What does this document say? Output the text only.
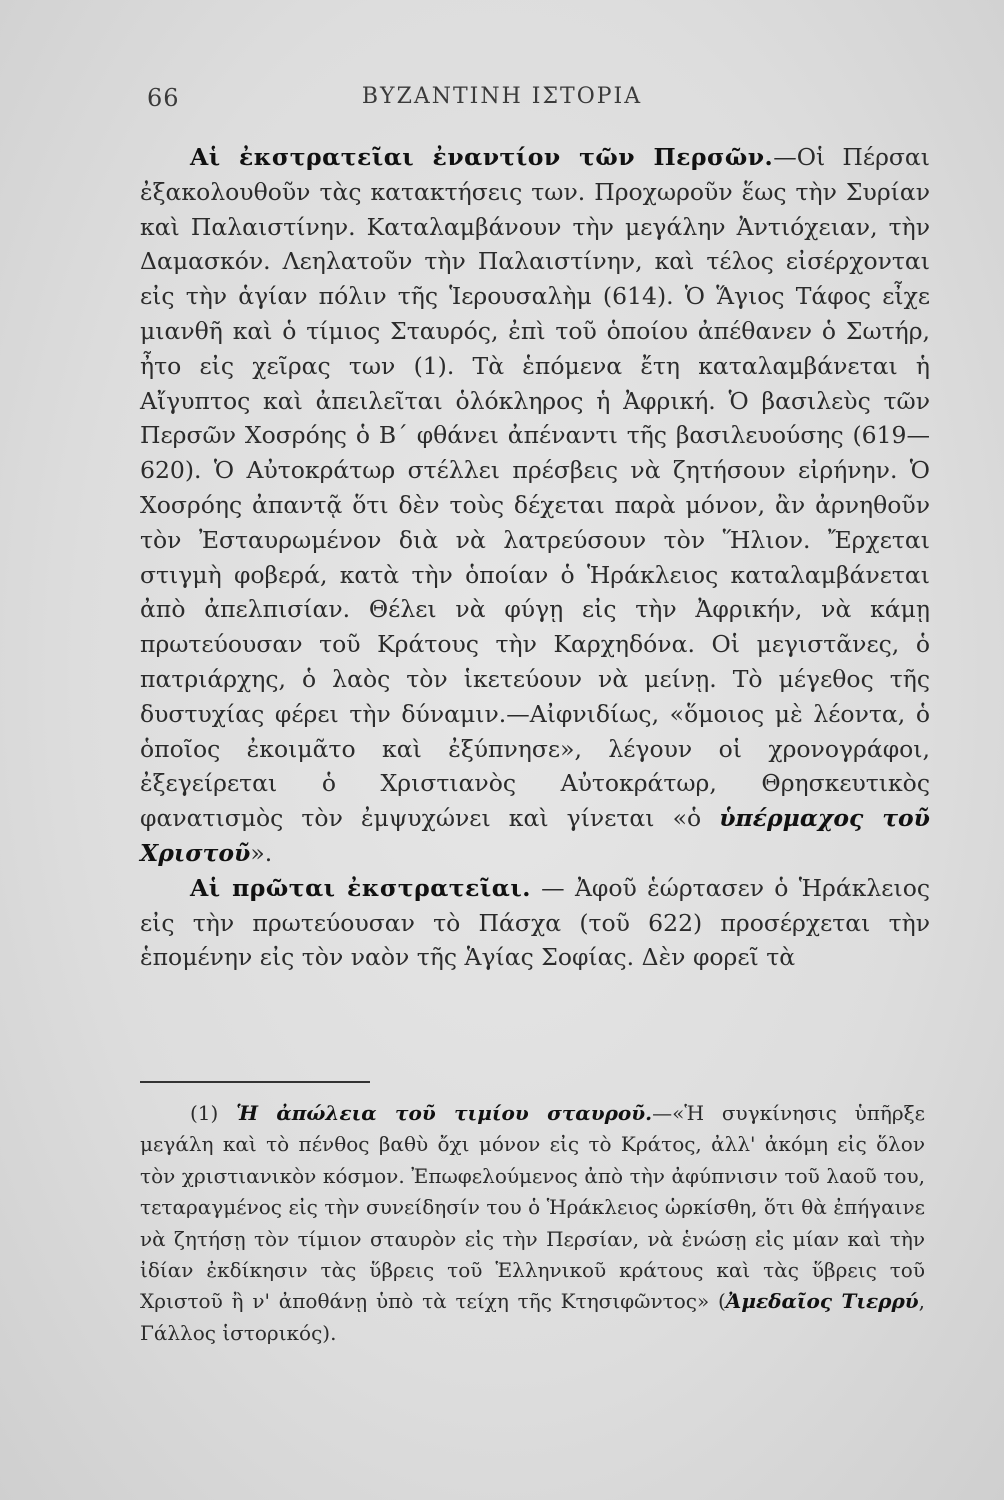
66	ΒΥΖΑΝΤΙΝΗ ΙΣΤΟΡΙΑ

Αἱ ἐκστρατεῖαι ἐναντίον τῶν Περσῶν.—Οἱ Πέρσαι ἐξακολουθοῦν τὰς κατακτήσεις των. Προχωροῦν ἕως τὴν Συρίαν καὶ Παλαιστίνην. Καταλαμβάνουν τὴν μεγάλην Ἀντιόχειαν, τὴν Δαμασκόν. Λεηλατοῦν τὴν Παλαιστίνην, καὶ τέλος εἰσέρχονται εἰς τὴν ἁγίαν πόλιν τῆς Ἱερουσαλὴμ (614). Ὁ Ἅγιος Τάφος εἶχε μιανθῆ καὶ ὁ τίμιος Σταυρός, ἐπὶ τοῦ ὁποίου ἀπέθανεν ὁ Σωτήρ, ἦτο εἰς χεῖρας των (1). Τὰ ἑπόμενα ἔτη καταλαμβάνεται ἡ Αἴγυπτος καὶ ἀπειλεῖται ὁλόκληρος ἡ Ἀφρική. Ὁ βασιλεὺς τῶν Περσῶν Χοσρόης ὁ Β΄ φθάνει ἀπέναντι τῆς βασιλευούσης (619—620). Ὁ Αὐτοκράτωρ στέλλει πρέσβεις νὰ ζητήσουν εἰρήνην. Ὁ Χοσρόης ἀπαντᾷ ὅτι δὲν τοὺς δέχεται παρὰ μόνον, ἂν ἀρνηθοῦν τὸν Ἐσταυρωμένον διὰ νὰ λατρεύσουν τὸν Ἥλιον. Ἔρχεται στιγμὴ φοβερά, κατὰ τὴν ὁποίαν ὁ Ἡράκλειος καταλαμβάνεται ἀπὸ ἀπελπισίαν. Θέλει νὰ φύγῃ εἰς τὴν Ἀφρικήν, νὰ κάμῃ πρωτεύουσαν τοῦ Κράτους τὴν Καρχηδόνα. Οἱ μεγιστᾶνες, ὁ πατριάρχης, ὁ λαὸς τὸν ἱκετεύουν νὰ μείνῃ. Τὸ μέγεθος τῆς δυστυχίας φέρει τὴν δύναμιν.—Αἰφνιδίως, «ὅμοιος μὲ λέοντα, ὁ ὁποῖος ἐκοιμᾶτο καὶ ἐξύπνησε», λέγουν οἱ χρονογράφοι, ἐξεγείρεται ὁ Χριστιανὸς Αὐτοκράτωρ, Θρησκευτικὸς φανατισμὸς τὸν ἐμψυχώνει καὶ γίνεται «ὁ ὑπέρμαχος τοῦ Χριστοῦ».

Αἱ πρῶται ἐκστρατεῖαι. — Ἀφοῦ ἑώρτασεν ὁ Ἡράκλειος εἰς τὴν πρωτεύουσαν τὸ Πάσχα (τοῦ 622) προσέρχεται τὴν ἑπομένην εἰς τὸν ναὸν τῆς Ἁγίας Σοφίας. Δὲν φορεῖ τὰ

(1) Ἡ ἀπώλεια τοῦ τιμίου σταυροῦ.—«Ἡ συγκίνησις ὑπῆρξε μεγάλη καὶ τὸ πένθος βαθὺ ὄχι μόνον εἰς τὸ Κράτος, ἀλλ' ἀκόμη εἰς ὅλον τὸν χριστιανικὸν κόσμον. Ἐπωφελούμενος ἀπὸ τὴν ἀφύπνισιν τοῦ λαοῦ του, τεταραγμένος εἰς τὴν συνείδησίν του ὁ Ἡράκλειος ὡρκίσθη, ὅτι θὰ ἐπήγαινε νὰ ζητήσῃ τὸν τίμιον σταυρὸν εἰς τὴν Περσίαν, νὰ ἑνώσῃ εἰς μίαν καὶ τὴν ἰδίαν ἐκδίκησιν τὰς ὕβρεις τοῦ Ἑλληνικοῦ κράτους καὶ τὰς ὕβρεις τοῦ Χριστοῦ ἢ ν' ἀποθάνῃ ὑπὸ τὰ τείχη τῆς Κτησιφῶντος» (Ἀμεδαῖος Τιερρύ, Γάλλος ἱστορικός).
